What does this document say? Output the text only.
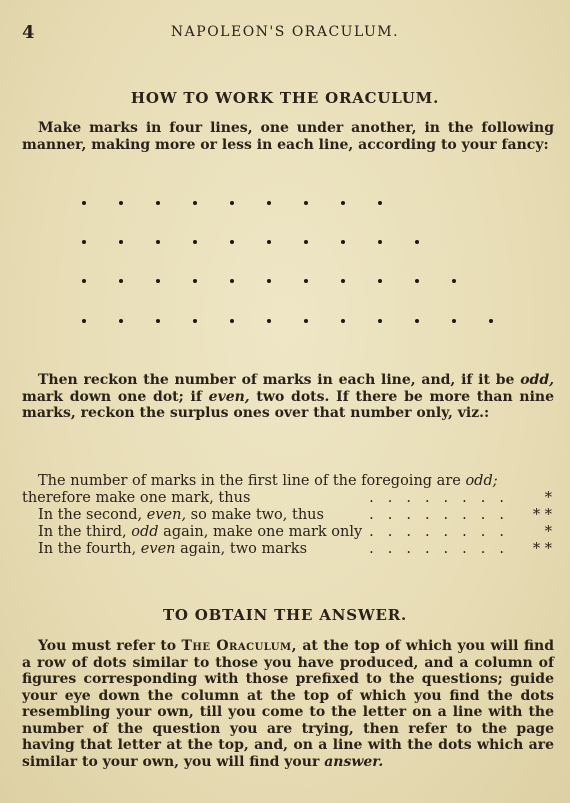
4	NAPOLEON'S ORACULUM.
HOW TO WORK THE ORACULUM.
Make marks in four lines, one under another, in the following manner, making more or less in each line, according to your fancy:
Then reckon the number of marks in each line, and, if it be odd, mark down one dot; if even, two dots. If there be more than nine marks, reckon the surplus ones over that number only, viz.:
The number of marks in the first line of the foregoing are odd;
therefore make one mark, thus	........	*
In the second, even, so make two, thus	........	* *
In the third, odd again, make one mark only ........	*
In the fourth, even again, two marks	........	* *
TO OBTAIN THE ANSWER.
You must refer to The Oraculum, at the top of which you will find a row of dots similar to those you have produced, and a column of figures corresponding with those prefixed to the questions; guide your eye down the column at the top of which you find the dots resembling your own, till you come to the letter on a line with the number of the question you are trying, then refer to the page having that letter at the top, and, on a line with the dots which are similar to your own, you will find your answer.
